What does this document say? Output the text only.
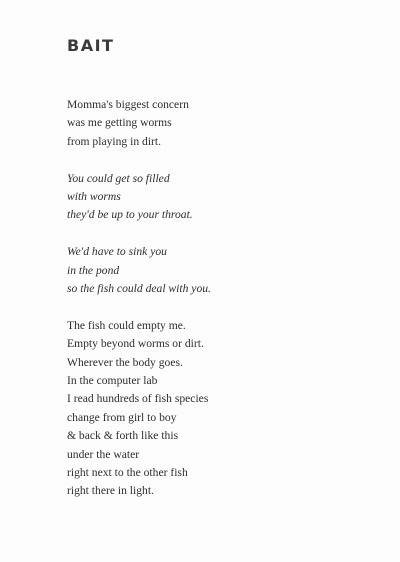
BAIT
Momma's biggest concern
was me getting worms
from playing in dirt.
You could get so filled
with worms
they'd be up to your throat.
We'd have to sink you
in the pond
so the fish could deal with you.
The fish could empty me.
Empty beyond worms or dirt.
Wherever the body goes.
In the computer lab
I read hundreds of fish species
change from girl to boy
& back & forth like this
under the water
right next to the other fish
right there in light.
